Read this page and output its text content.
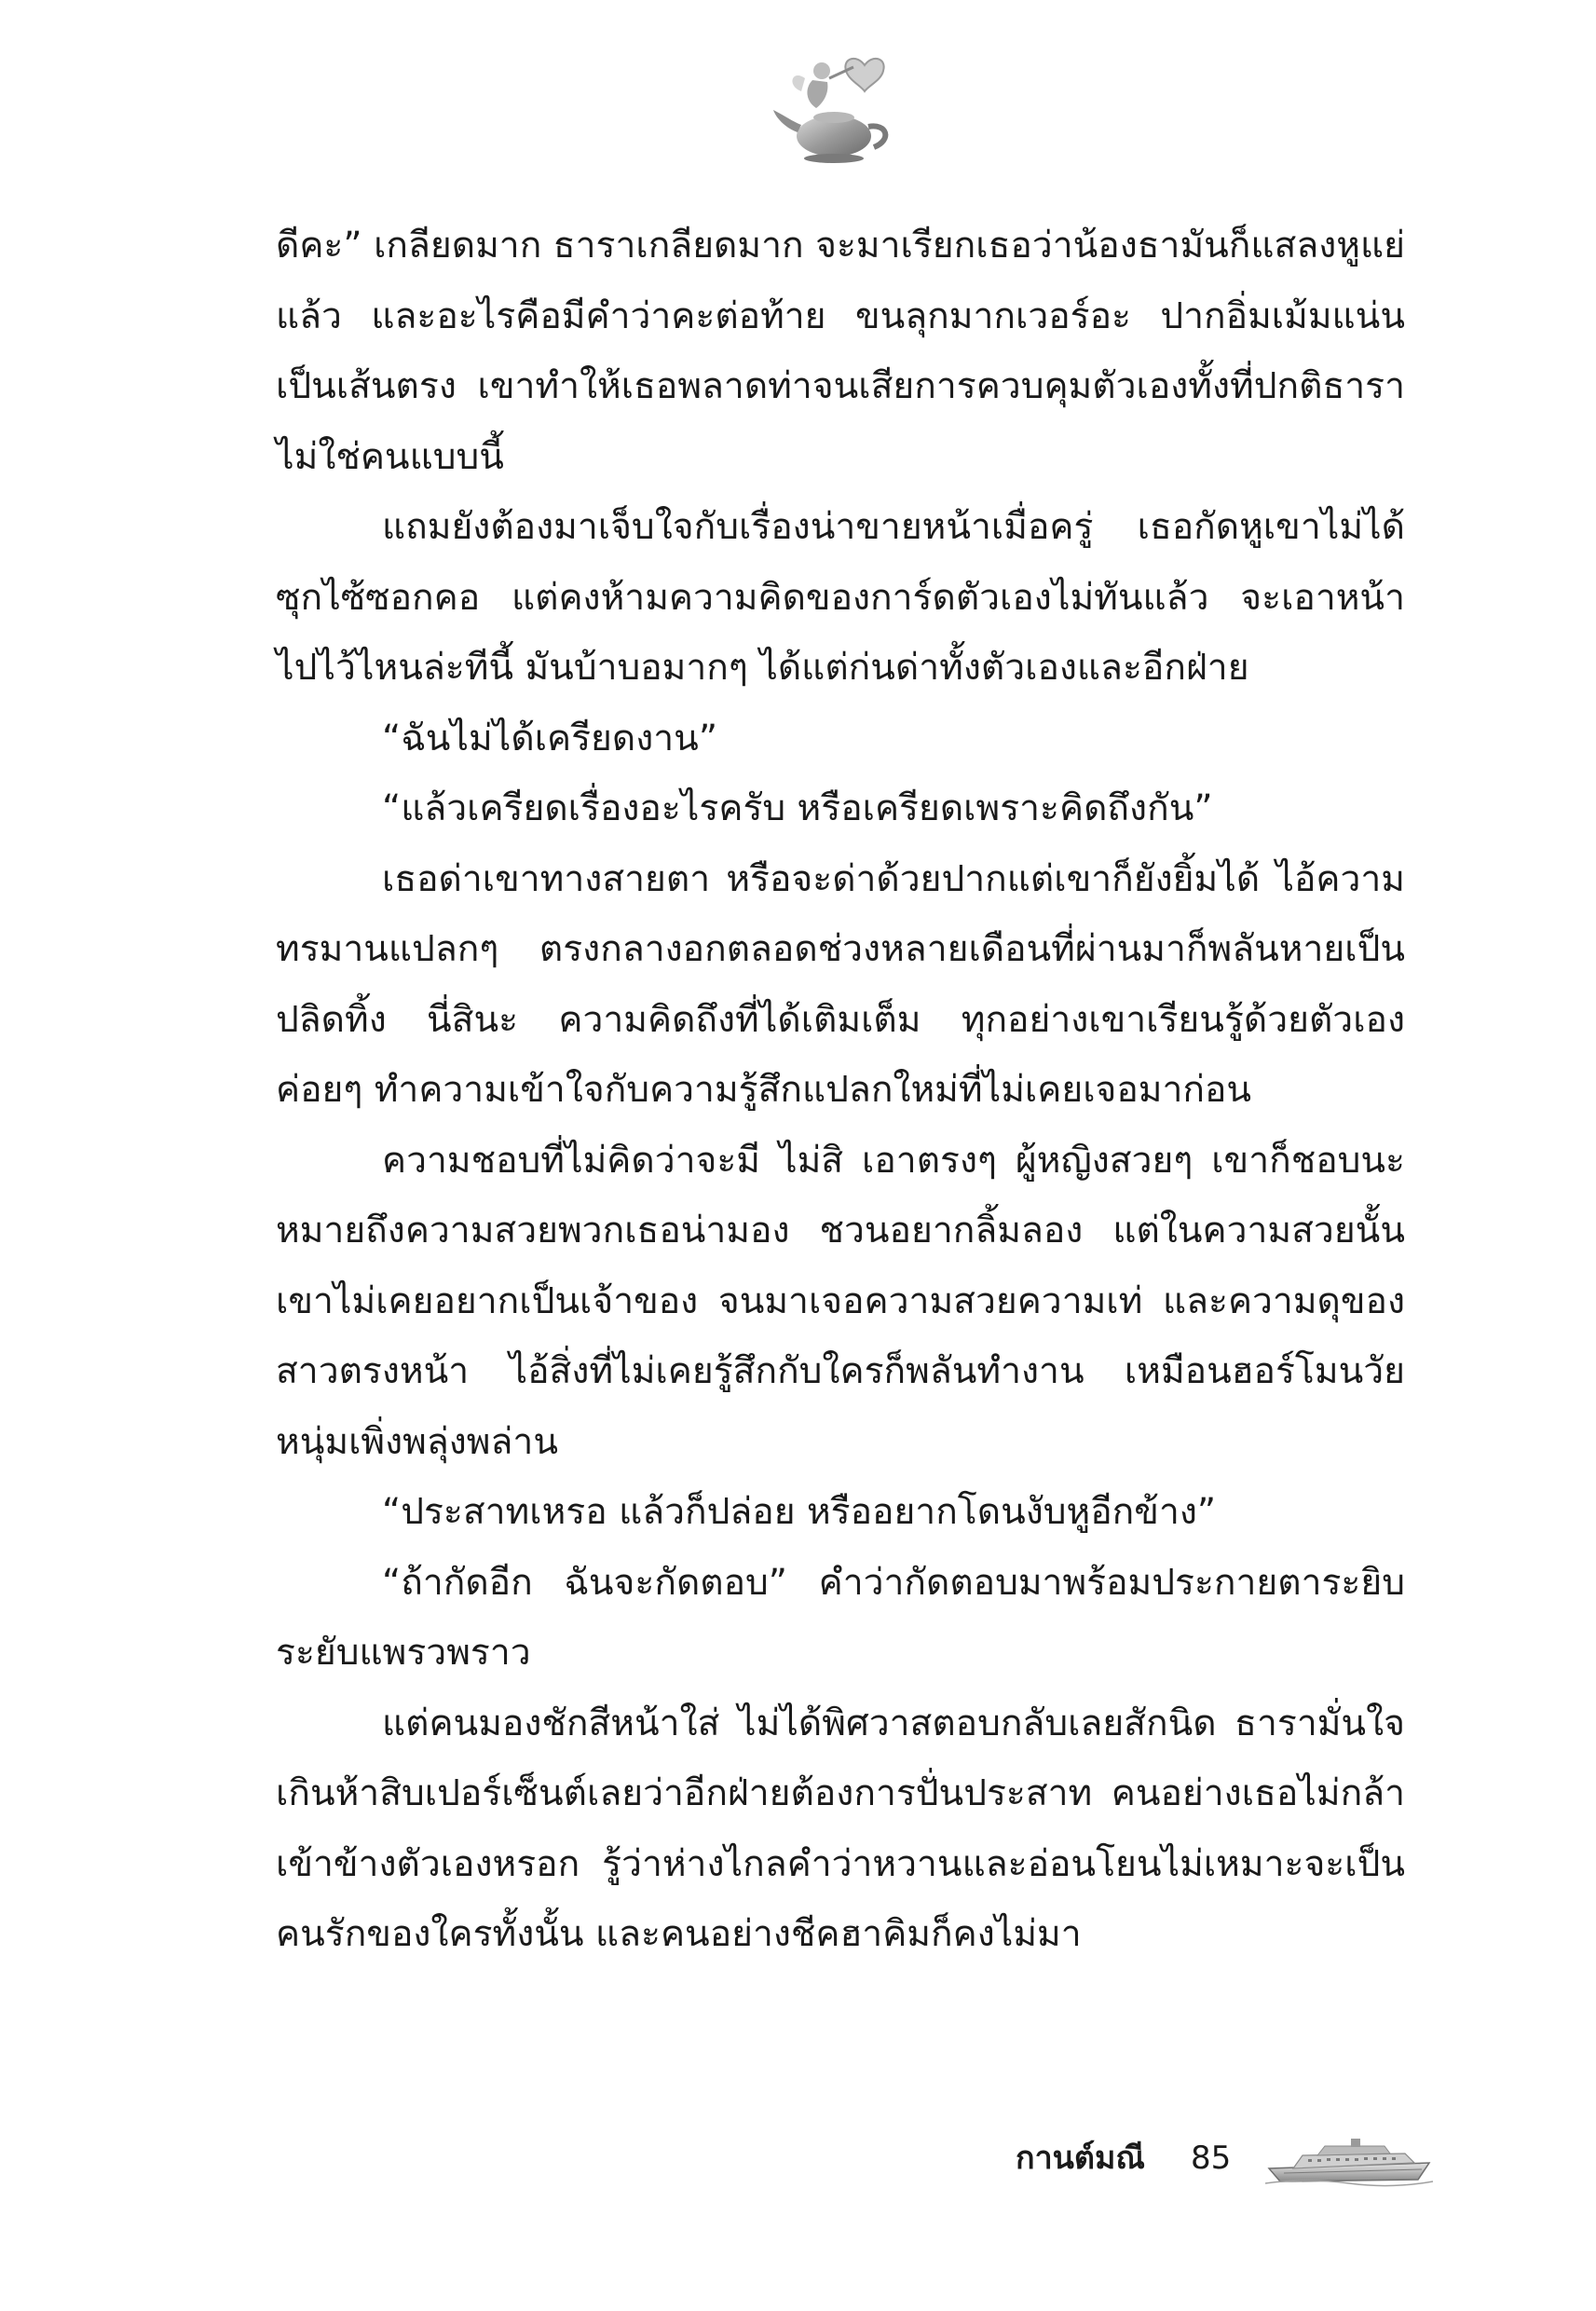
ดีคะ” เกลียดมาก ธาราเกลียดมาก จะมาเรียกเธอว่าน้องธามันก็แสลงหูแย่แล้ว และอะไรคือมีคำว่าคะต่อท้าย ขนลุกมากเวอร์อะ ปากอิ่มเม้มแน่นเป็นเส้นตรง เขาทำให้เธอพลาดท่าจนเสียการควบคุมตัวเองทั้งที่ปกติธาราไม่ใช่คนแบบนี้

แถมยังต้องมาเจ็บใจกับเรื่องน่าขายหน้าเมื่อครู่ เธอกัดหูเขาไม่ได้ซุกไซ้ซอกคอ แต่คงห้ามความคิดของการ์ดตัวเองไม่ทันแล้ว จะเอาหน้าไปไว้ไหนล่ะทีนี้ มันบ้าบอมากๆ ได้แต่ก่นด่าทั้งตัวเองและอีกฝ่าย

“ฉันไม่ได้เครียดงาน”

“แล้วเครียดเรื่องอะไรครับ หรือเครียดเพราะคิดถึงกัน”

เธอด่าเขาทางสายตา หรือจะด่าด้วยปากแต่เขาก็ยังยิ้มได้ ไอ้ความทรมานแปลกๆ ตรงกลางอกตลอดช่วงหลายเดือนที่ผ่านมาก็พลันหายเป็นปลิดทิ้ง นี่สินะ ความคิดถึงที่ได้เติมเต็ม ทุกอย่างเขาเรียนรู้ด้วยตัวเอง ค่อยๆ ทำความเข้าใจกับความรู้สึกแปลกใหม่ที่ไม่เคยเจอมาก่อน

ความชอบที่ไม่คิดว่าจะมี ไม่สิ เอาตรงๆ ผู้หญิงสวยๆ เขาก็ชอบนะ หมายถึงความสวยพวกเธอน่ามอง ชวนอยากลิ้มลอง แต่ในความสวยนั้นเขาไม่เคยอยากเป็นเจ้าของ จนมาเจอความสวยความเท่ และความดุของสาวตรงหน้า ไอ้สิ่งที่ไม่เคยรู้สึกกับใครก็พลันทำงาน เหมือนฮอร์โมนวัยหนุ่มเพิ่งพลุ่งพล่าน

“ประสาทเหรอ แล้วก็ปล่อย หรืออยากโดนงับหูอีกข้าง”

“ถ้ากัดอีก ฉันจะกัดตอบ” คำว่ากัดตอบมาพร้อมประกายตาระยิบระยับแพรวพราว

แต่คนมองชักสีหน้าใส่ ไม่ได้พิศวาสตอบกลับเลยสักนิด ธารามั่นใจเกินห้าสิบเปอร์เซ็นต์เลยว่าอีกฝ่ายต้องการปั่นประสาท คนอย่างเธอไม่กล้าเข้าข้างตัวเองหรอก รู้ว่าห่างไกลคำว่าหวานและอ่อนโยนไม่เหมาะจะเป็นคนรักของใครทั้งนั้น และคนอย่างชีคฮาคิมก็คงไม่มา

กานต์มณี 85
